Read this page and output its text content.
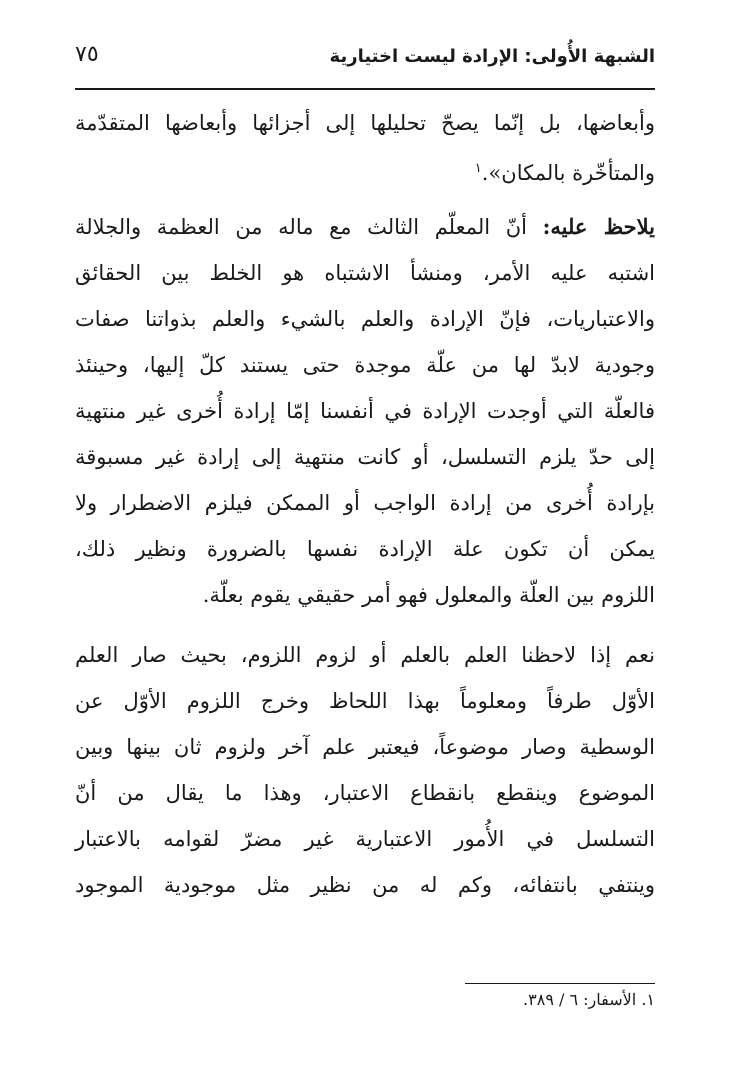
الشبهة الأُولى: الإرادة ليست اختيارية
٧٥
وأبعاضها، بل إنّما يصحّ تحليلها إلى أجزائها وأبعاضها المتقدّمة
والمتأخّرة بالمكان».$^١$
يلاحظ عليه: أنّ المعلّم الثالث مع ماله من العظمة والجلالة
اشتبه عليه الأمر، ومنشأ الاشتباه هو الخلط بين الحقائق
والاعتباريات، فإنّ الإرادة والعلم بالشيء والعلم بذواتنا صفات
وجودية لابدّ لها من علّة موجدة حتى يستند كلّ إليها، وحينئذ
فالعلّة التي أوجدت الإرادة في أنفسنا إمّا إرادة أُخرى غير منتهية
إلى حدّ يلزم التسلسل، أو كانت منتهية إلى إرادة غير مسبوقة
بإرادة أُخرى من إرادة الواجب أو الممكن فيلزم الاضطرار ولا
يمكن أن تكون علة الإرادة نفسها بالضرورة ونظير ذلك،
اللزوم بين العلّة والمعلول فهو أمر حقيقي يقوم بعلّة.
نعم إذا لاحظنا العلم بالعلم أو لزوم اللزوم، بحيث صار العلم
الأوّل طرفاً ومعلوماً بهذا اللحاظ وخرج اللزوم الأوّل عن
الوسطية وصار موضوعاً، فيعتبر علم آخر ولزوم ثان بينها وبين
الموضوع وينقطع بانقطاع الاعتبار، وهذا ما يقال من أنّ
التسلسل في الأُمور الاعتبارية غير مضرّ لقوامه بالاعتبار
وينتفي بانتفائه، وكم له من نظير مثل موجودية الموجود
١. الأسفار: ٦ / ٣٨٩.
